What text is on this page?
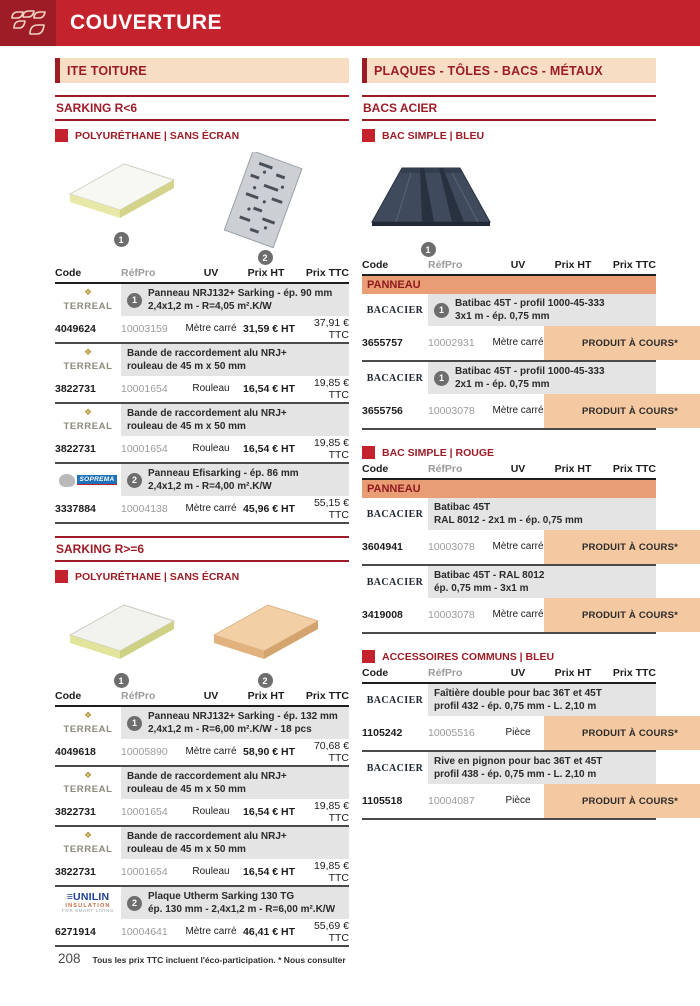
COUVERTURE
ITE TOITURE
SARKING R<6
POLYURÉTHANE | SANS ÉCRAN
1
2
Code	RéfPro	UV	Prix HT	Prix TTC
❖
TERREAL
1
Panneau NRJ132+ Sarking - ép. 90 mm
2,4x1,2 m - R=4,05 m².K/W
4049624	10003159	Mètre carré 31,59 € HT	37,91 € TTC
❖
TERREAL
Bande de raccordement alu NRJ+
rouleau de 45 m x 50 mm
3822731	10001654	Rouleau	16,54 € HT	19,85 € TTC
❖
TERREAL
Bande de raccordement alu NRJ+
rouleau de 45 m x 50 mm
3822731	10001654	Rouleau	16,54 € HT	19,85 € TTC
SOPREMA	2
Panneau Efisarking - ép. 86 mm
2,4x1,2 m - R=4,00 m².K/W
3337884	10004138	Mètre carré 45,96 € HT	55,15 € TTC
SARKING R>=6
POLYURÉTHANE | SANS ÉCRAN
1	2
Code	RéfPro	UV	Prix HT	Prix TTC
❖
TERREAL
1
Panneau NRJ132+ Sarking - ép. 132 mm
2,4x1,2 m - R=6,00 m².K/W - 18 pcs
4049618	10005890	Mètre carré 58,90 € HT	70,68 € TTC
❖
TERREAL
Bande de raccordement alu NRJ+
rouleau de 45 m x 50 mm
3822731	10001654	Rouleau	16,54 € HT	19,85 € TTC
❖
TERREAL
Bande de raccordement alu NRJ+
rouleau de 45 m x 50 mm
3822731	10001654	Rouleau	16,54 € HT	19,85 € TTC
≡UNILIN
INSULATION
FOR SMART LIVING
2
Plaque Utherm Sarking 130 TG
ép. 130 mm - 2,4x1,2 m - R=6,00 m².K/W
6271914	10004641	Mètre carré 46,41 € HT	55,69 € TTC
PLAQUES - TÔLES - BACS - MÉTAUX
BACS ACIER
BAC SIMPLE | BLEU
1
Code	RéfPro	UV	Prix HT	Prix TTC
PANNEAU
BACACIER	1
Batibac 45T - profil 1000-45-333
3x1 m - ép. 0,75 mm
3655757	10002931	Mètre carré	PRODUIT À COURS*
BACACIER	1
Batibac 45T - profil 1000-45-333
2x1 m - ép. 0,75 mm
3655756	10003078	Mètre carré	PRODUIT À COURS*
BAC SIMPLE | ROUGE
Code	RéfPro	UV	Prix HT	Prix TTC
PANNEAU
BACACIER
Batibac 45T
RAL 8012 - 2x1 m - ép. 0,75 mm
3604941	10003078	Mètre carré	PRODUIT À COURS*
BACACIER
Batibac 45T - RAL 8012
ép. 0,75 mm - 3x1 m
3419008	10003078	Mètre carré	PRODUIT À COURS*
ACCESSOIRES COMMUNS | BLEU
Code	RéfPro	UV	Prix HT	Prix TTC
BACACIER
Faîtière double pour bac 36T et 45T
profil 432 - ép. 0,75 mm - L. 2,10 m
1105242	10005516	Pièce	PRODUIT À COURS*
BACACIER
Rive en pignon pour bac 36T et 45T
profil 438 - ép. 0,75 mm - L. 2,10 m
1105518	10004087	Pièce	PRODUIT À COURS*
208 Tous les prix TTC incluent l'éco-participation. * Nous consulter
